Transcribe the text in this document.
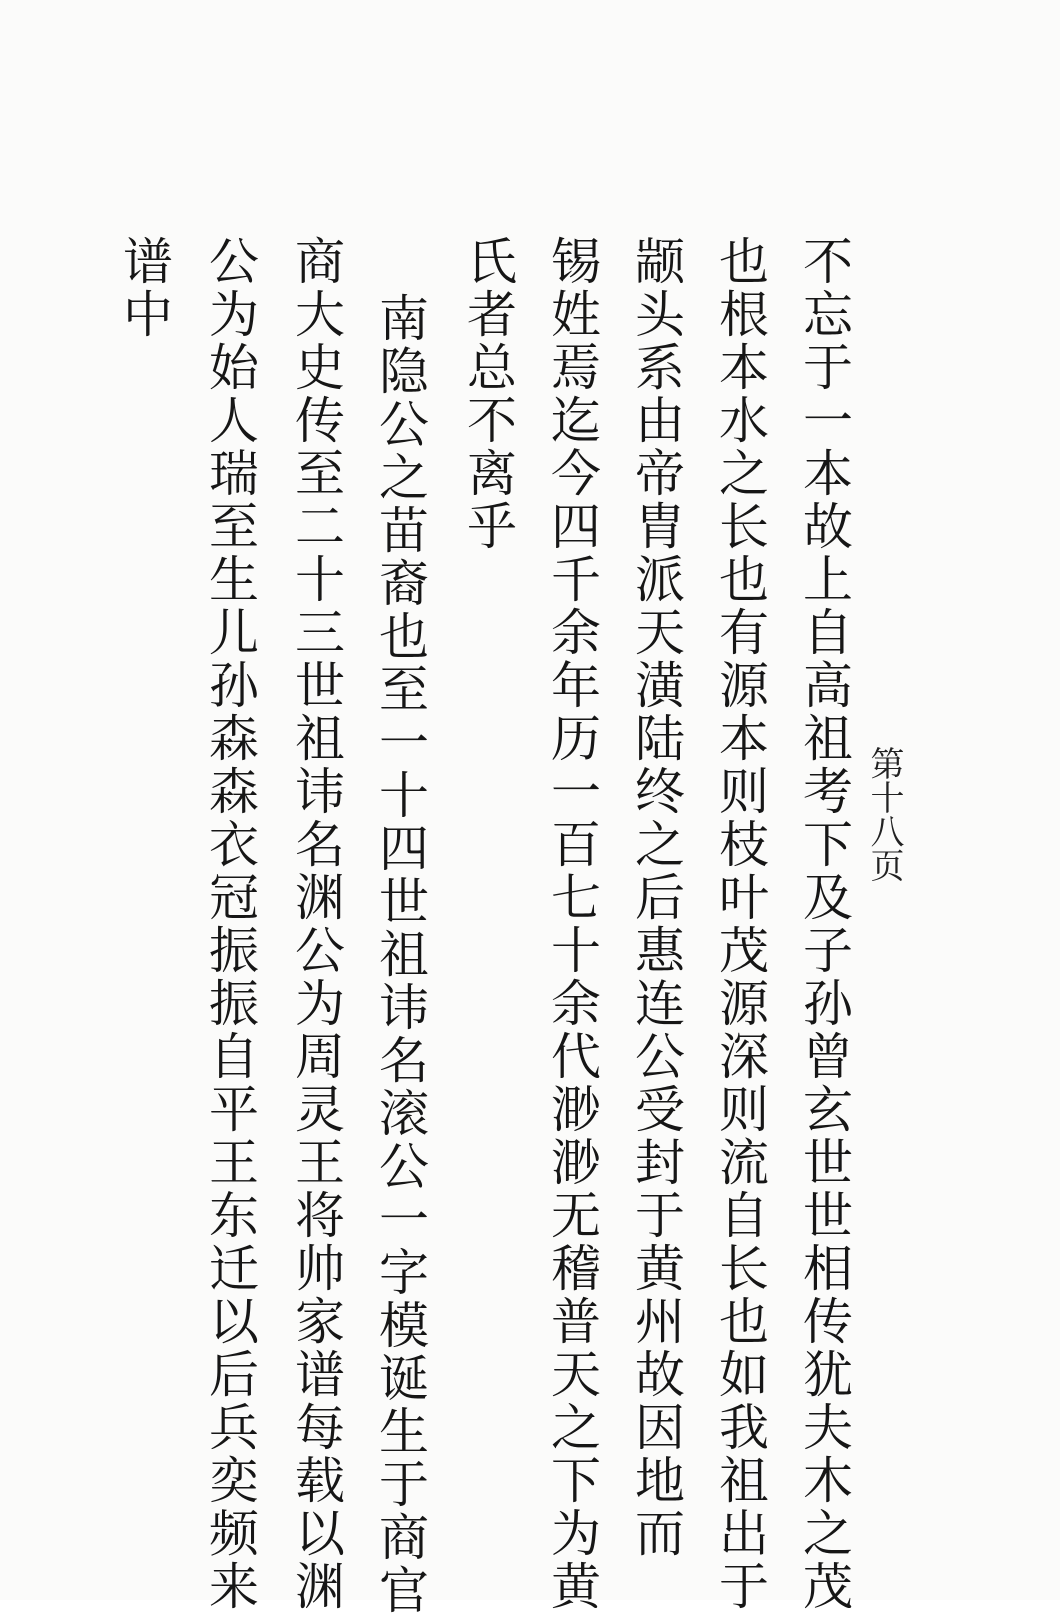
第十八页
不忘于一本故上自高祖考下及子孙曾玄世世相传犹夫木之茂
也根本水之长也有源本则枝叶茂源深则流自长也如我祖出于
颛头系由帝胄派天潢陆终之后惠连公受封于黄州故因地而
锡姓焉迄今四千余年历一百七十余代渺渺无稽普天之下为黄
氏者总不离乎
南隐公之苗裔也至一十四世祖讳名滚公一字模诞生于商官
商大史传至二十三世祖讳名渊公为周灵王将帅家谱每载以渊
公为始人瑞至生儿孙森森衣冠振振自平王东迁以后兵奕频来
谱中
